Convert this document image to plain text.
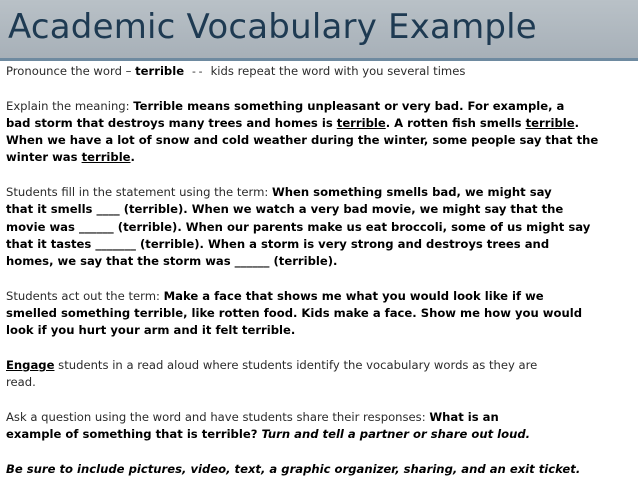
Academic Vocabulary Example
Pronounce the word – terrible -- kids repeat the word with you several times
Explain the meaning: Terrible means something unpleasant or very bad. For example, a
bad storm that destroys many trees and homes is terrible. A rotten fish smells terrible.
When we have a lot of snow and cold weather during the winter, some people say that the
winter was terrible.
Students fill in the statement using the term: When something smells bad, we might say
that it smells ____ (terrible). When we watch a very bad movie, we might say that the
movie was ______ (terrible). When our parents make us eat broccoli, some of us might say
that it tastes _______ (terrible). When a storm is very strong and destroys trees and
homes, we say that the storm was ______ (terrible).
Students act out the term: Make a face that shows me what you would look like if we
smelled something terrible, like rotten food. Kids make a face. Show me how you would
look if you hurt your arm and it felt terrible.
Engage students in a read aloud where students identify the vocabulary words as they are
read.
Ask a question using the word and have students share their responses: What is an
example of something that is terrible? Turn and tell a partner or share out loud.
Be sure to include pictures, video, text, a graphic organizer, sharing, and an exit ticket.
